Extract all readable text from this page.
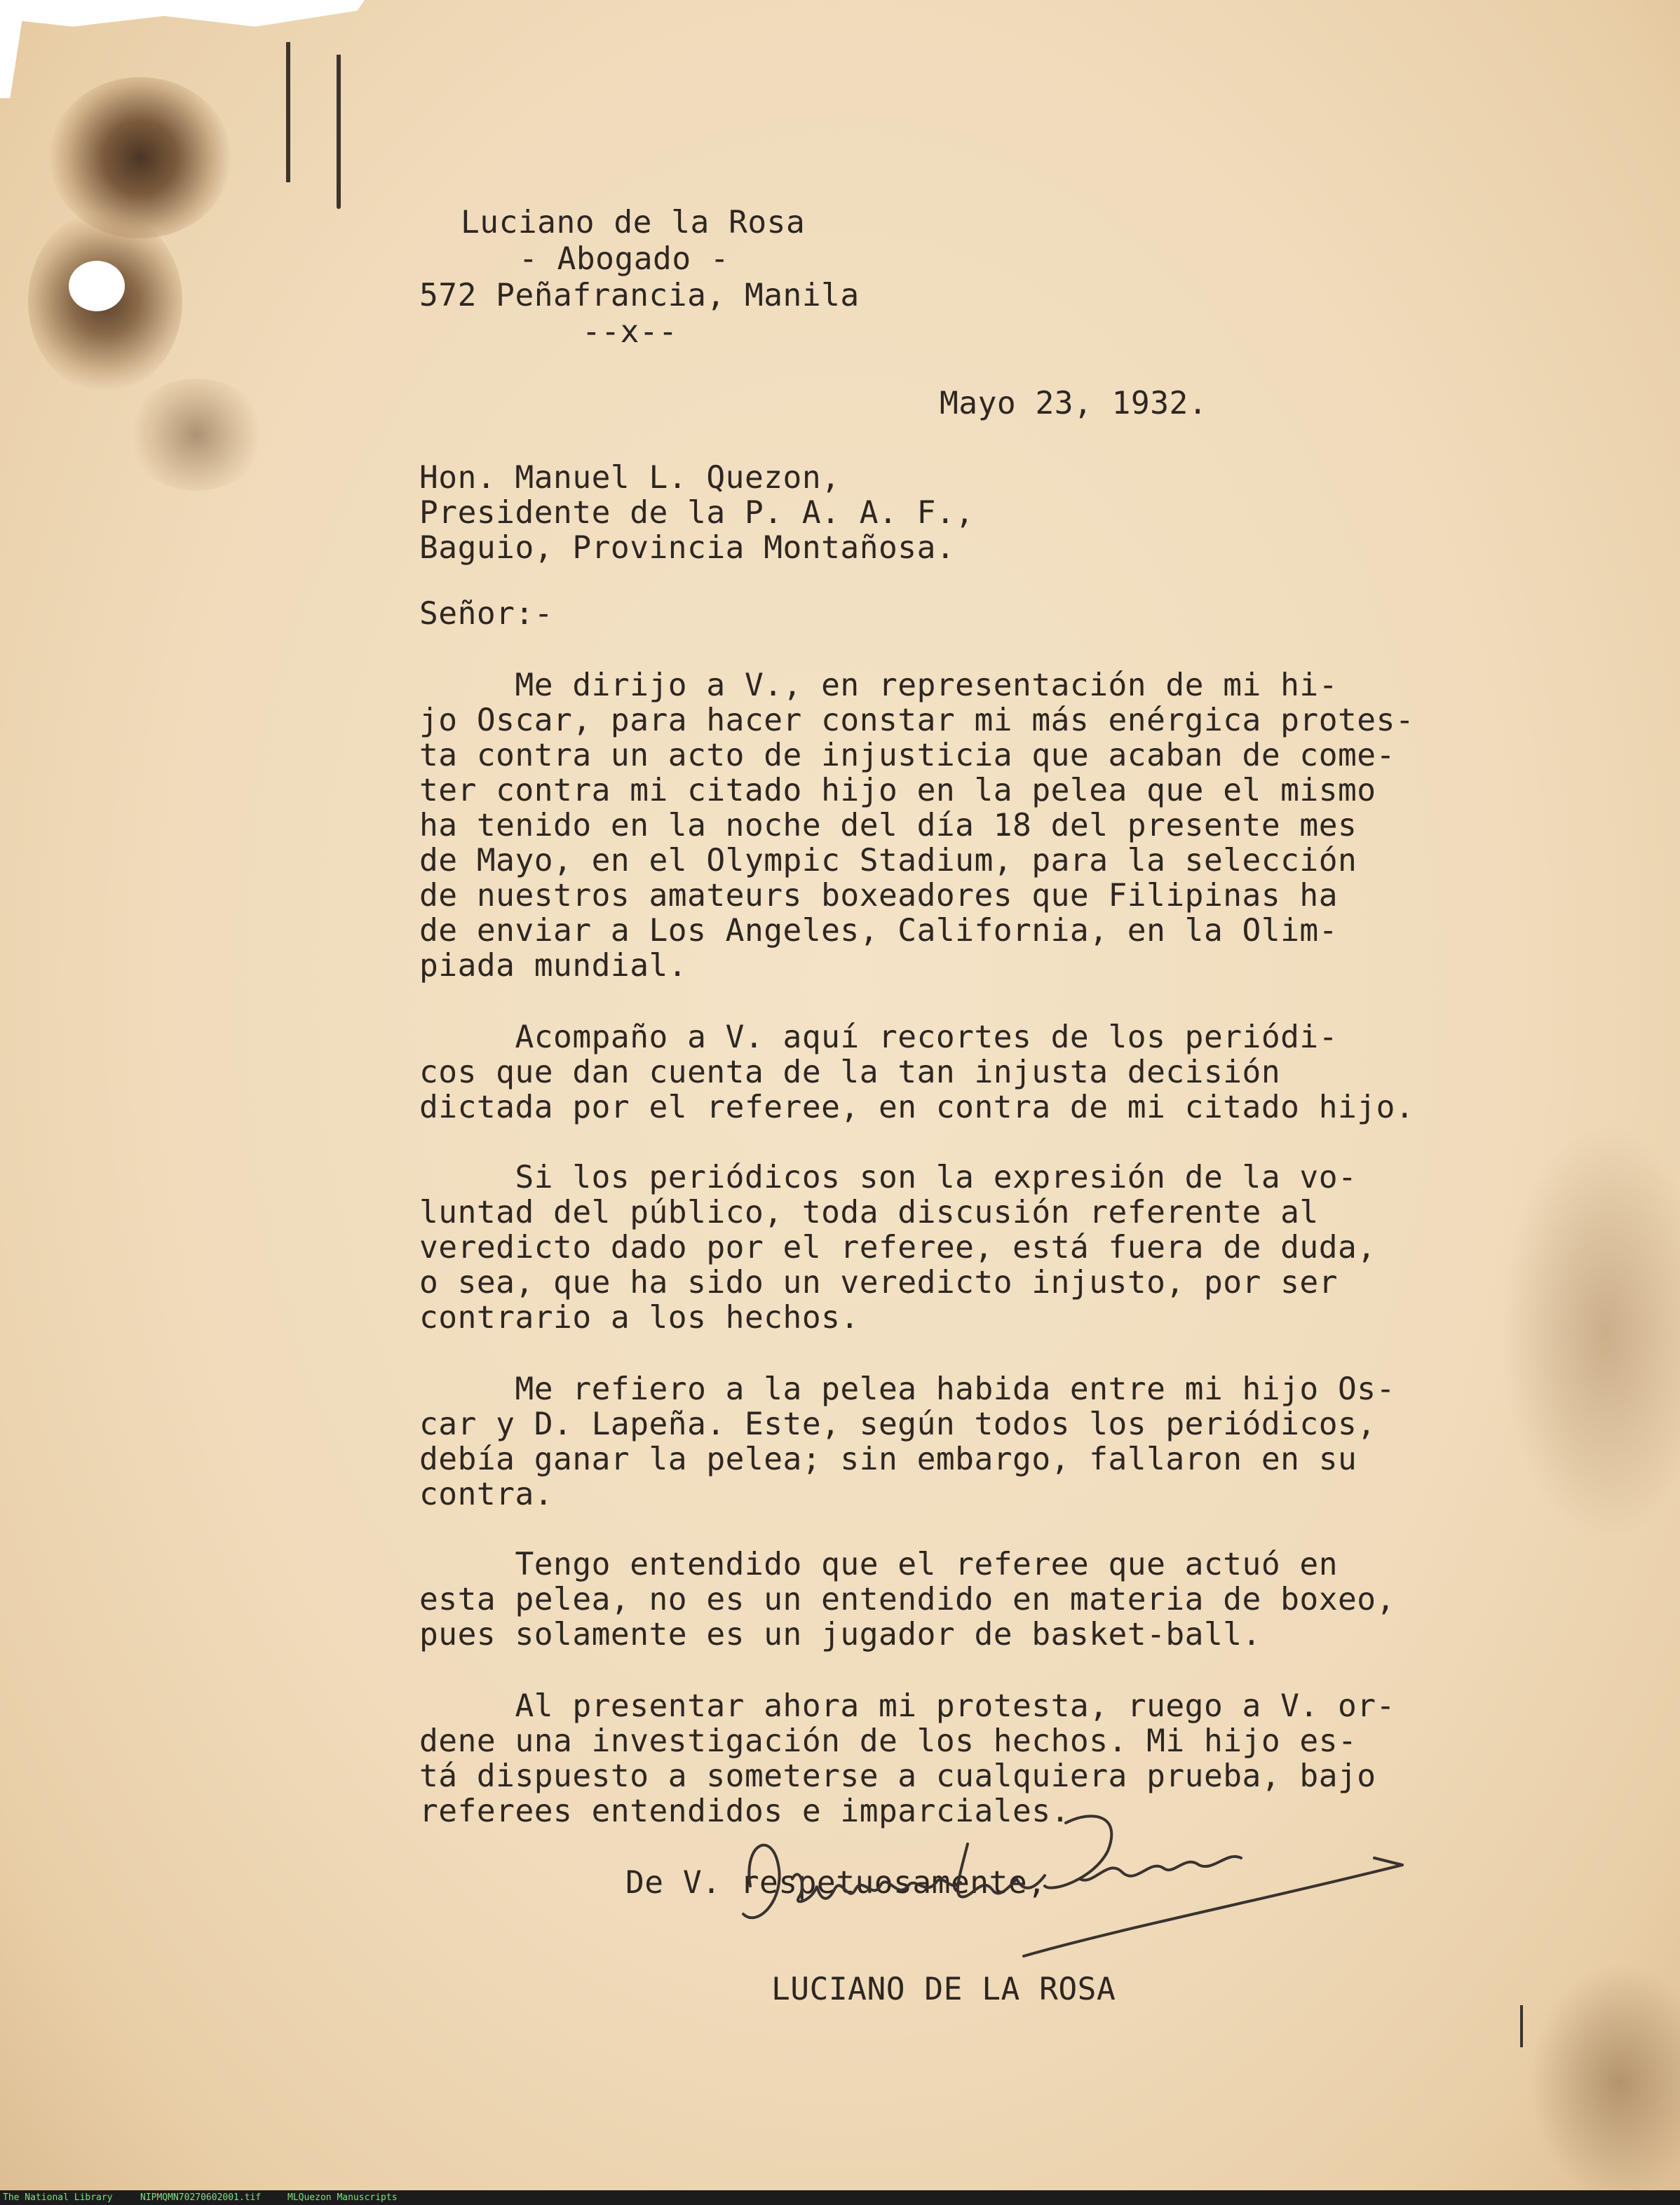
Luciano de la Rosa

- Abogado -

572 Peñafrancia, Manila

--x--

Mayo 23, 1932.

Hon. Manuel L. Quezon,

Presidente de la P. A. A. F.,

Baguio, Provincia Montañosa.

Señor:-

Me dirijo a V., en representación de mi hi-

jo Oscar, para hacer constar mi más enérgica protes-

ta contra un acto de injusticia que acaban de come-

ter contra mi citado hijo en la pelea que el mismo

ha tenido en la noche del día 18 del presente mes

de Mayo, en el Olympic Stadium, para la selección

de nuestros amateurs boxeadores que Filipinas ha

de enviar a Los Angeles, California, en la Olim-

piada mundial.

Acompaño a V. aquí recortes de los periódi-

cos que dan cuenta de la tan injusta decisión

dictada por el referee, en contra de mi citado hijo.

Si los periódicos son la expresión de la vo-

luntad del público, toda discusión referente al

veredicto dado por el referee, está fuera de duda,

o sea, que ha sido un veredicto injusto, por ser

contrario a los hechos.

Me refiero a la pelea habida entre mi hijo Os-

car y D. Lapeña. Este, según todos los periódicos,

debía ganar la pelea; sin embargo, fallaron en su

contra.

Tengo entendido que el referee que actuó en

esta pelea, no es un entendido en materia de boxeo,

pues solamente es un jugador de basket-ball.

Al presentar ahora mi protesta, ruego a V. or-

dene una investigación de los hechos. Mi hijo es-

tá dispuesto a someterse a cualquiera prueba, bajo

referees entendidos e imparciales.

De V. respetuosamente,

LUCIANO DE LA ROSA

The National Library	NIPMQMN70270602001.tif	MLQuezon Manuscripts
